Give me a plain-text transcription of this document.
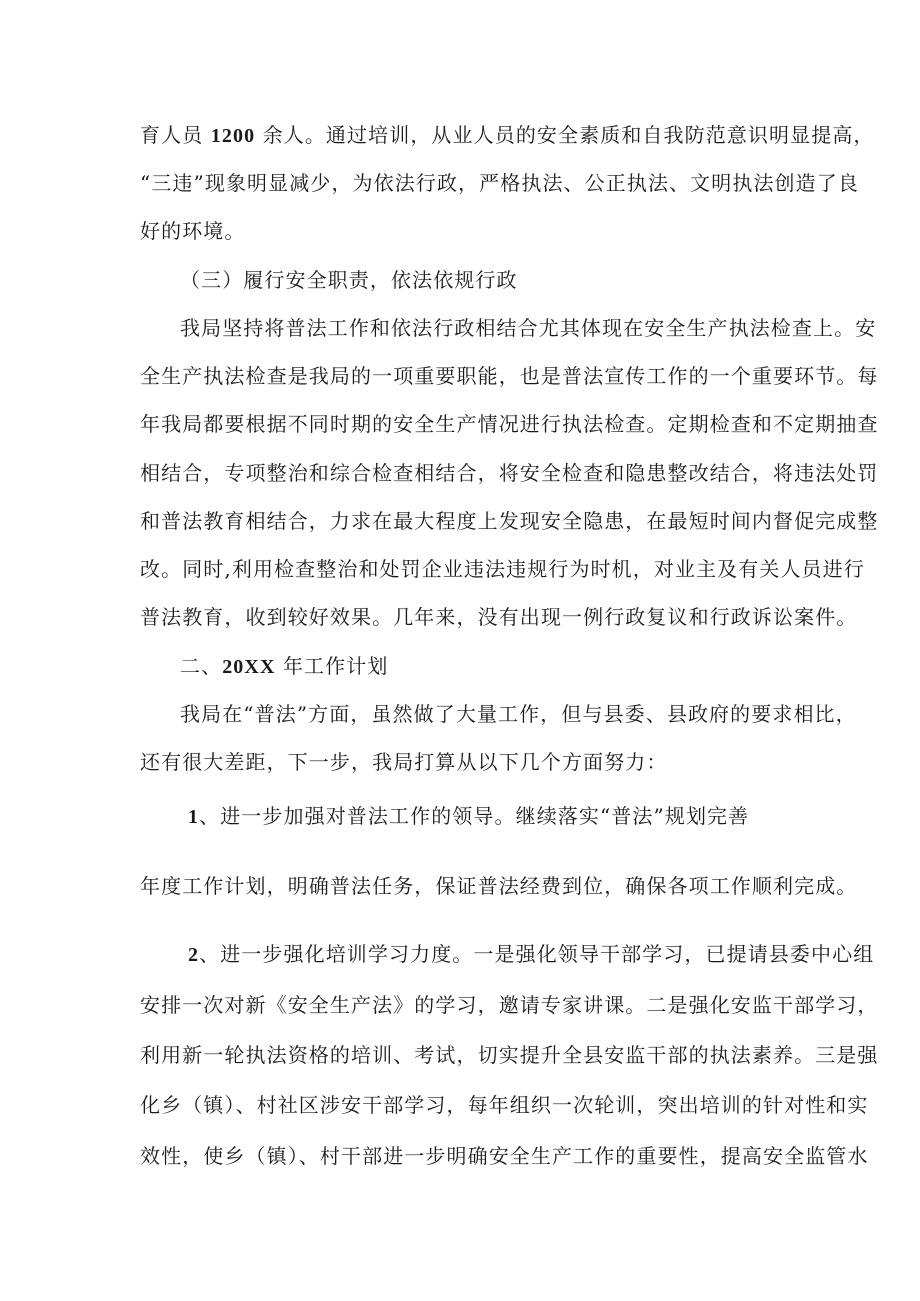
育人员 1200 余人。通过培训，从业人员的安全素质和自我防范意识明显提高，
“三违”现象明显减少，为依法行政，严格执法、公正执法、文明执法创造了良
好的环境。
（三）履行安全职责，依法依规行政
我局坚持将普法工作和依法行政相结合尤其体现在安全生产执法检查上。安
全生产执法检查是我局的一项重要职能，也是普法宣传工作的一个重要环节。每
年我局都要根据不同时期的安全生产情况进行执法检查。定期检查和不定期抽查
相结合，专项整治和综合检查相结合，将安全检查和隐患整改结合，将违法处罚
和普法教育相结合，力求在最大程度上发现安全隐患，在最短时间内督促完成整
改。同时,利用检查整治和处罚企业违法违规行为时机，对业主及有关人员进行
普法教育，收到较好效果。几年来，没有出现一例行政复议和行政诉讼案件。
二、20XX 年工作计划
我局在“普法”方面，虽然做了大量工作，但与县委、县政府的要求相比，
还有很大差距，下一步，我局打算从以下几个方面努力：
1、进一步加强对普法工作的领导。继续落实“普法”规划完善
年度工作计划，明确普法任务，保证普法经费到位，确保各项工作顺利完成。
2、进一步强化培训学习力度。一是强化领导干部学习，已提请县委中心组
安排一次对新《安全生产法》的学习，邀请专家讲课。二是强化安监干部学习，
利用新一轮执法资格的培训、考试，切实提升全县安监干部的执法素养。三是强
化乡（镇）、村社区涉安干部学习，每年组织一次轮训，突出培训的针对性和实
效性，使乡（镇）、村干部进一步明确安全生产工作的重要性，提高安全监管水
